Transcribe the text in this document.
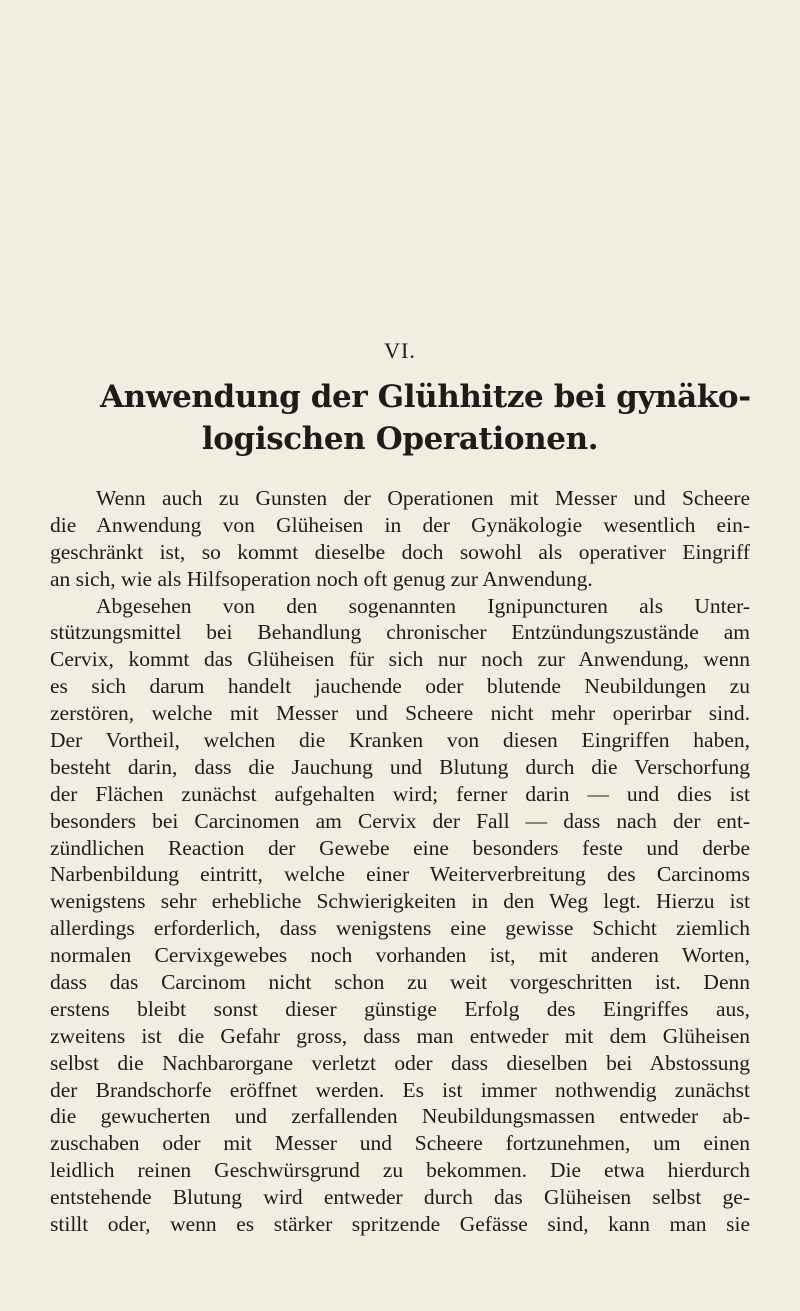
VI.
Anwendung der Glühhitze bei gynäko-
logischen Operationen.
Wenn auch zu Gunsten der Operationen mit Messer und Scheere
die Anwendung von Glüheisen in der Gynäkologie wesentlich ein-
geschränkt ist, so kommt dieselbe doch sowohl als operativer Eingriff
an sich, wie als Hilfsoperation noch oft genug zur Anwendung.
Abgesehen von den sogenannten Ignipuncturen als Unter-
stützungsmittel bei Behandlung chronischer Entzündungszustände am
Cervix, kommt das Glüheisen für sich nur noch zur Anwendung, wenn
es sich darum handelt jauchende oder blutende Neubildungen zu
zerstören, welche mit Messer und Scheere nicht mehr operirbar sind.
Der Vortheil, welchen die Kranken von diesen Eingriffen haben,
besteht darin, dass die Jauchung und Blutung durch die Verschorfung
der Flächen zunächst aufgehalten wird; ferner darin — und dies ist
besonders bei Carcinomen am Cervix der Fall — dass nach der ent-
zündlichen Reaction der Gewebe eine besonders feste und derbe
Narbenbildung eintritt, welche einer Weiterverbreitung des Carcinoms
wenigstens sehr erhebliche Schwierigkeiten in den Weg legt. Hierzu ist
allerdings erforderlich, dass wenigstens eine gewisse Schicht ziemlich
normalen Cervixgewebes noch vorhanden ist, mit anderen Worten,
dass das Carcinom nicht schon zu weit vorgeschritten ist. Denn
erstens bleibt sonst dieser günstige Erfolg des Eingriffes aus,
zweitens ist die Gefahr gross, dass man entweder mit dem Glüheisen
selbst die Nachbarorgane verletzt oder dass dieselben bei Abstossung
der Brandschorfe eröffnet werden. Es ist immer nothwendig zunächst
die gewucherten und zerfallenden Neubildungsmassen entweder ab-
zuschaben oder mit Messer und Scheere fortzunehmen, um einen
leidlich reinen Geschwürsgrund zu bekommen. Die etwa hierdurch
entstehende Blutung wird entweder durch das Glüheisen selbst ge-
stillt oder, wenn es stärker spritzende Gefässe sind, kann man sie
